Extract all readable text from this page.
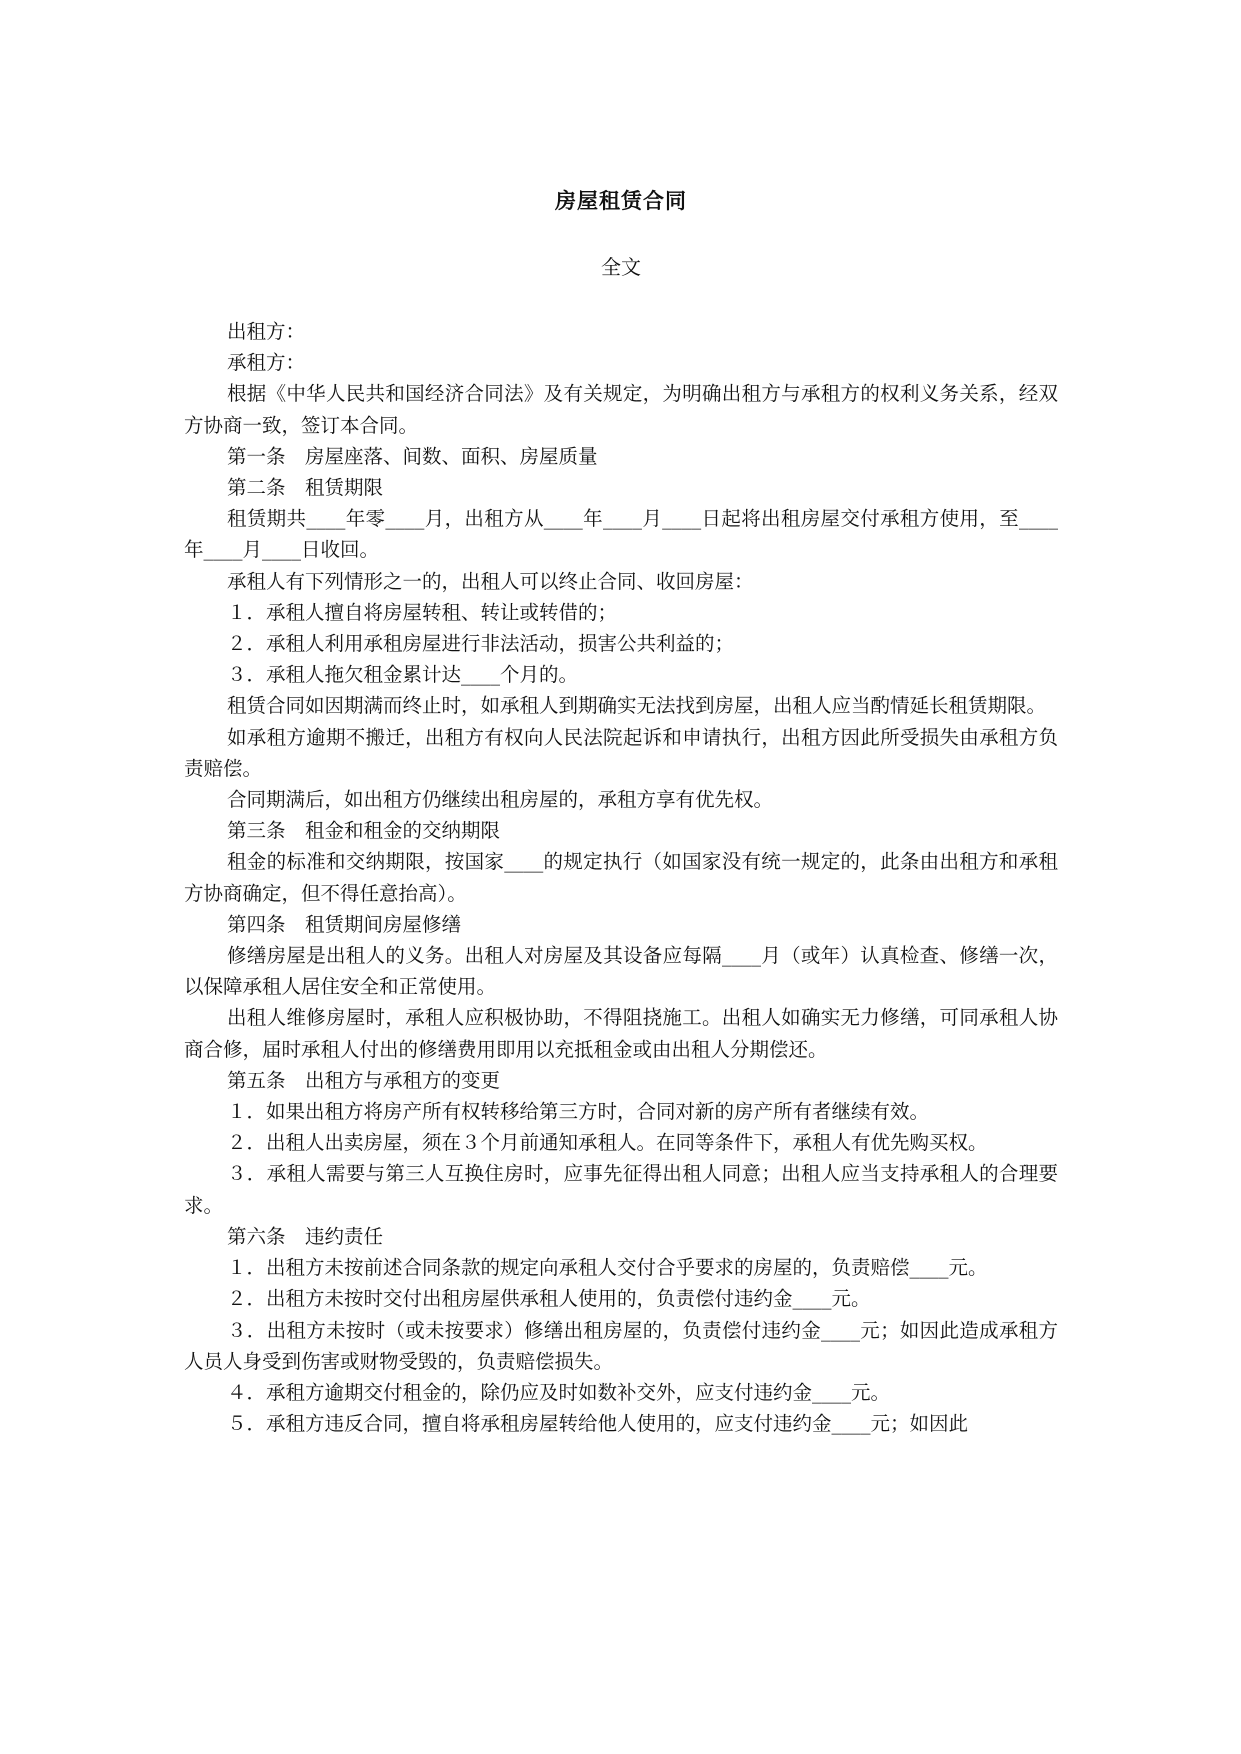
房屋租赁合同
全文

出租方：

承租方：

根据《中华人民共和国经济合同法》及有关规定，为明确出租方与承租方的权利义务关系，经双方协商一致，签订本合同。

第一条　房屋座落、间数、面积、房屋质量

第二条　租赁期限

租赁期共____年零____月，出租方从____年____月____日起将出租房屋交付承租方使用，至____年____月____日收回。

承租人有下列情形之一的，出租人可以终止合同、收回房屋：

１．承租人擅自将房屋转租、转让或转借的；

２．承租人利用承租房屋进行非法活动，损害公共利益的；

３．承租人拖欠租金累计达____个月的。

租赁合同如因期满而终止时，如承租人到期确实无法找到房屋，出租人应当酌情延长租赁期限。

如承租方逾期不搬迁，出租方有权向人民法院起诉和申请执行，出租方因此所受损失由承租方负责赔偿。

合同期满后，如出租方仍继续出租房屋的，承租方享有优先权。

第三条　租金和租金的交纳期限

租金的标准和交纳期限，按国家____的规定执行（如国家没有统一规定的，此条由出租方和承租方协商确定，但不得任意抬高）。

第四条　租赁期间房屋修缮

修缮房屋是出租人的义务。出租人对房屋及其设备应每隔____月（或年）认真检查、修缮一次，以保障承租人居住安全和正常使用。

出租人维修房屋时，承租人应积极协助，不得阻挠施工。出租人如确实无力修缮，可同承租人协商合修，届时承租人付出的修缮费用即用以充抵租金或由出租人分期偿还。

第五条　出租方与承租方的变更

１．如果出租方将房产所有权转移给第三方时，合同对新的房产所有者继续有效。

２．出租人出卖房屋，须在３个月前通知承租人。在同等条件下，承租人有优先购买权。

３．承租人需要与第三人互换住房时，应事先征得出租人同意；出租人应当支持承租人的合理要求。

第六条　违约责任

１．出租方未按前述合同条款的规定向承租人交付合乎要求的房屋的，负责赔偿____元。

２．出租方未按时交付出租房屋供承租人使用的，负责偿付违约金____元。

３．出租方未按时（或未按要求）修缮出租房屋的，负责偿付违约金____元；如因此造成承租方人员人身受到伤害或财物受毁的，负责赔偿损失。

４．承租方逾期交付租金的，除仍应及时如数补交外，应支付违约金____元。

５．承租方违反合同，擅自将承租房屋转给他人使用的，应支付违约金____元；如因此
